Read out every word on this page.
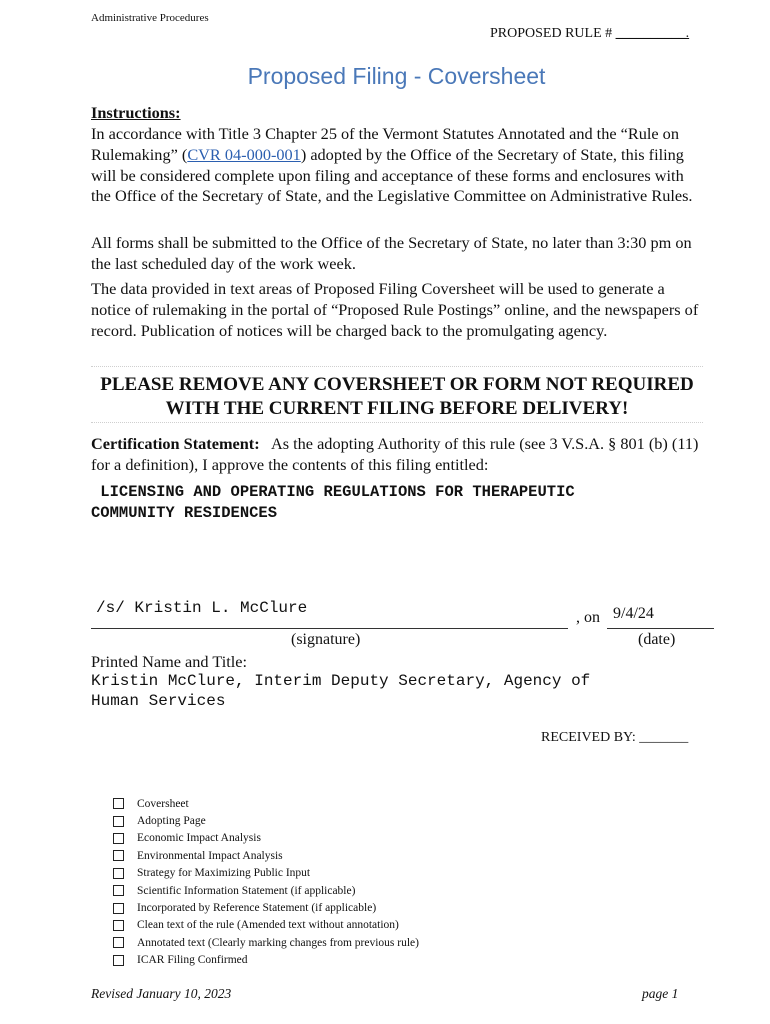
Administrative Procedures
PROPOSED RULE # __________.
Proposed Filing - Coversheet
Instructions:
In accordance with Title 3 Chapter 25 of the Vermont Statutes Annotated and the “Rule on Rulemaking” (CVR 04-000-001) adopted by the Office of the Secretary of State, this filing will be considered complete upon filing and acceptance of these forms and enclosures with the Office of the Secretary of State, and the Legislative Committee on Administrative Rules.
All forms shall be submitted to the Office of the Secretary of State, no later than 3:30 pm on the last scheduled day of the work week.
The data provided in text areas of Proposed Filing Coversheet will be used to generate a notice of rulemaking in the portal of “Proposed Rule Postings” online, and the newspapers of record. Publication of notices will be charged back to the promulgating agency.
PLEASE REMOVE ANY COVERSHEET OR FORM NOT REQUIRED WITH THE CURRENT FILING BEFORE DELIVERY!
Certification Statement: As the adopting Authority of this rule (see 3 V.S.A. § 801 (b) (11) for a definition), I approve the contents of this filing entitled:
LICENSING AND OPERATING REGULATIONS FOR THERAPEUTIC
COMMUNITY RESIDENCES
/s/ Kristin L. McClure
, on 9/4/24
(signature)	(date)
Printed Name and Title:
Kristin McClure, Interim Deputy Secretary, Agency of
Human Services
RECEIVED BY: _______
Coversheet
Adopting Page
Economic Impact Analysis
Environmental Impact Analysis
Strategy for Maximizing Public Input
Scientific Information Statement (if applicable)
Incorporated by Reference Statement (if applicable)
Clean text of the rule (Amended text without annotation)
Annotated text (Clearly marking changes from previous rule)
ICAR Filing Confirmed
Revised January 10, 2023	page 1
